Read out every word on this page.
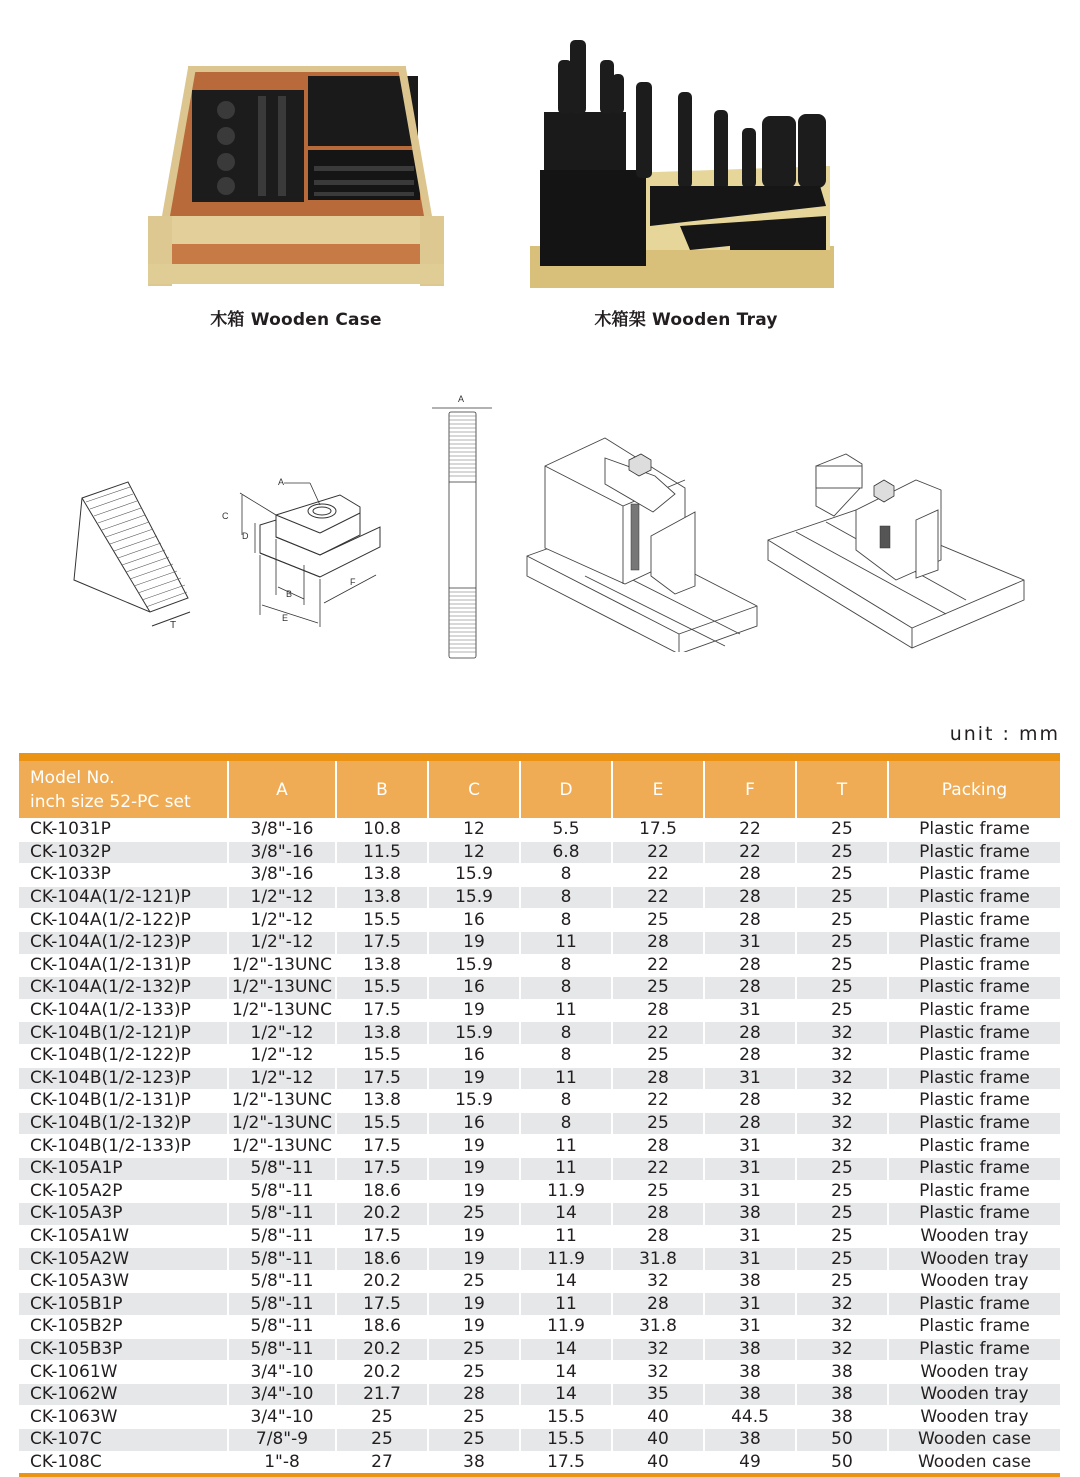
木箱 Wooden Case	木箱架 Wooden Tray
T
A
C
D
B
E
F
A
unit : mm
Model No.
inch size 52-PC set	A	B	C	D	E	F	T	Packing
CK-1031P	3/8"-16	10.8	12	5.5	17.5	22	25	Plastic frame
CK-1032P	3/8"-16	11.5	12	6.8	22	22	25	Plastic frame
CK-1033P	3/8"-16	13.8	15.9	8	22	28	25	Plastic frame
CK-104A(1/2-121)P	1/2"-12	13.8	15.9	8	22	28	25	Plastic frame
CK-104A(1/2-122)P	1/2"-12	15.5	16	8	25	28	25	Plastic frame
CK-104A(1/2-123)P	1/2"-12	17.5	19	11	28	31	25	Plastic frame
CK-104A(1/2-131)P	1/2"-13UNC	13.8	15.9	8	22	28	25	Plastic frame
CK-104A(1/2-132)P	1/2"-13UNC	15.5	16	8	25	28	25	Plastic frame
CK-104A(1/2-133)P	1/2"-13UNC	17.5	19	11	28	31	25	Plastic frame
CK-104B(1/2-121)P	1/2"-12	13.8	15.9	8	22	28	32	Plastic frame
CK-104B(1/2-122)P	1/2"-12	15.5	16	8	25	28	32	Plastic frame
CK-104B(1/2-123)P	1/2"-12	17.5	19	11	28	31	32	Plastic frame
CK-104B(1/2-131)P	1/2"-13UNC	13.8	15.9	8	22	28	32	Plastic frame
CK-104B(1/2-132)P	1/2"-13UNC	15.5	16	8	25	28	32	Plastic frame
CK-104B(1/2-133)P	1/2"-13UNC	17.5	19	11	28	31	32	Plastic frame
CK-105A1P	5/8"-11	17.5	19	11	22	31	25	Plastic frame
CK-105A2P	5/8"-11	18.6	19	11.9	25	31	25	Plastic frame
CK-105A3P	5/8"-11	20.2	25	14	28	38	25	Plastic frame
CK-105A1W	5/8"-11	17.5	19	11	28	31	25	Wooden tray
CK-105A2W	5/8"-11	18.6	19	11.9	31.8	31	25	Wooden tray
CK-105A3W	5/8"-11	20.2	25	14	32	38	25	Wooden tray
CK-105B1P	5/8"-11	17.5	19	11	28	31	32	Plastic frame
CK-105B2P	5/8"-11	18.6	19	11.9	31.8	31	32	Plastic frame
CK-105B3P	5/8"-11	20.2	25	14	32	38	32	Plastic frame
CK-1061W	3/4"-10	20.2	25	14	32	38	38	Wooden tray
CK-1062W	3/4"-10	21.7	28	14	35	38	38	Wooden tray
CK-1063W	3/4"-10	25	25	15.5	40	44.5	38	Wooden tray
CK-107C	7/8"-9	25	25	15.5	40	38	50	Wooden case
CK-108C	1"-8	27	38	17.5	40	49	50	Wooden case
